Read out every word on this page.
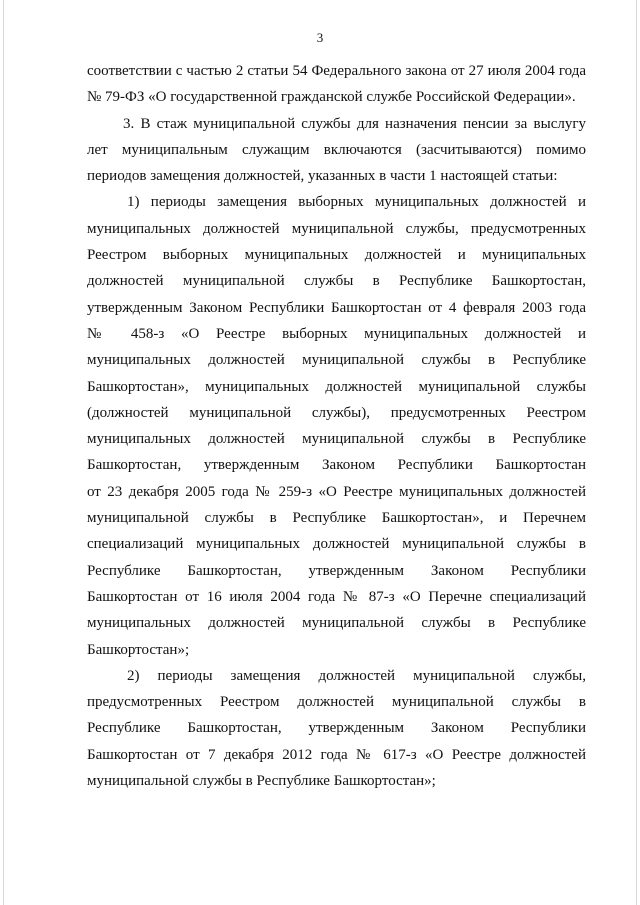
3
соответствии с частью 2 статьи 54 Федерального закона от 27 июля 2004 года
№ 79-ФЗ «О государственной гражданской службе Российской Федерации».
3. В стаж муниципальной службы для назначения пенсии за выслугу
лет муниципальным служащим включаются (засчитываются) помимо
периодов замещения должностей, указанных в части 1 настоящей статьи:
1) периоды замещения выборных муниципальных должностей и
муниципальных должностей муниципальной службы, предусмотренных
Реестром выборных муниципальных должностей и муниципальных
должностей муниципальной службы в Республике Башкортостан,
утвержденным Законом Республики Башкортостан от 4 февраля 2003 года
№ 458-з «О Реестре выборных муниципальных должностей и
муниципальных должностей муниципальной службы в Республике
Башкортостан», муниципальных должностей муниципальной службы
(должностей муниципальной службы), предусмотренных Реестром
муниципальных должностей муниципальной службы в Республике
Башкортостан, утвержденным Законом Республики Башкортостан
от 23 декабря 2005 года № 259-з «О Реестре муниципальных должностей
муниципальной службы в Республике Башкортостан», и Перечнем
специализаций муниципальных должностей муниципальной службы в
Республике Башкортостан, утвержденным Законом Республики
Башкортостан от 16 июля 2004 года № 87-з «О Перечне специализаций
муниципальных должностей муниципальной службы в Республике
Башкортостан»;
2) периоды замещения должностей муниципальной службы,
предусмотренных Реестром должностей муниципальной службы в
Республике Башкортостан, утвержденным Законом Республики
Башкортостан от 7 декабря 2012 года № 617-з «О Реестре должностей
муниципальной службы в Республике Башкортостан»;
